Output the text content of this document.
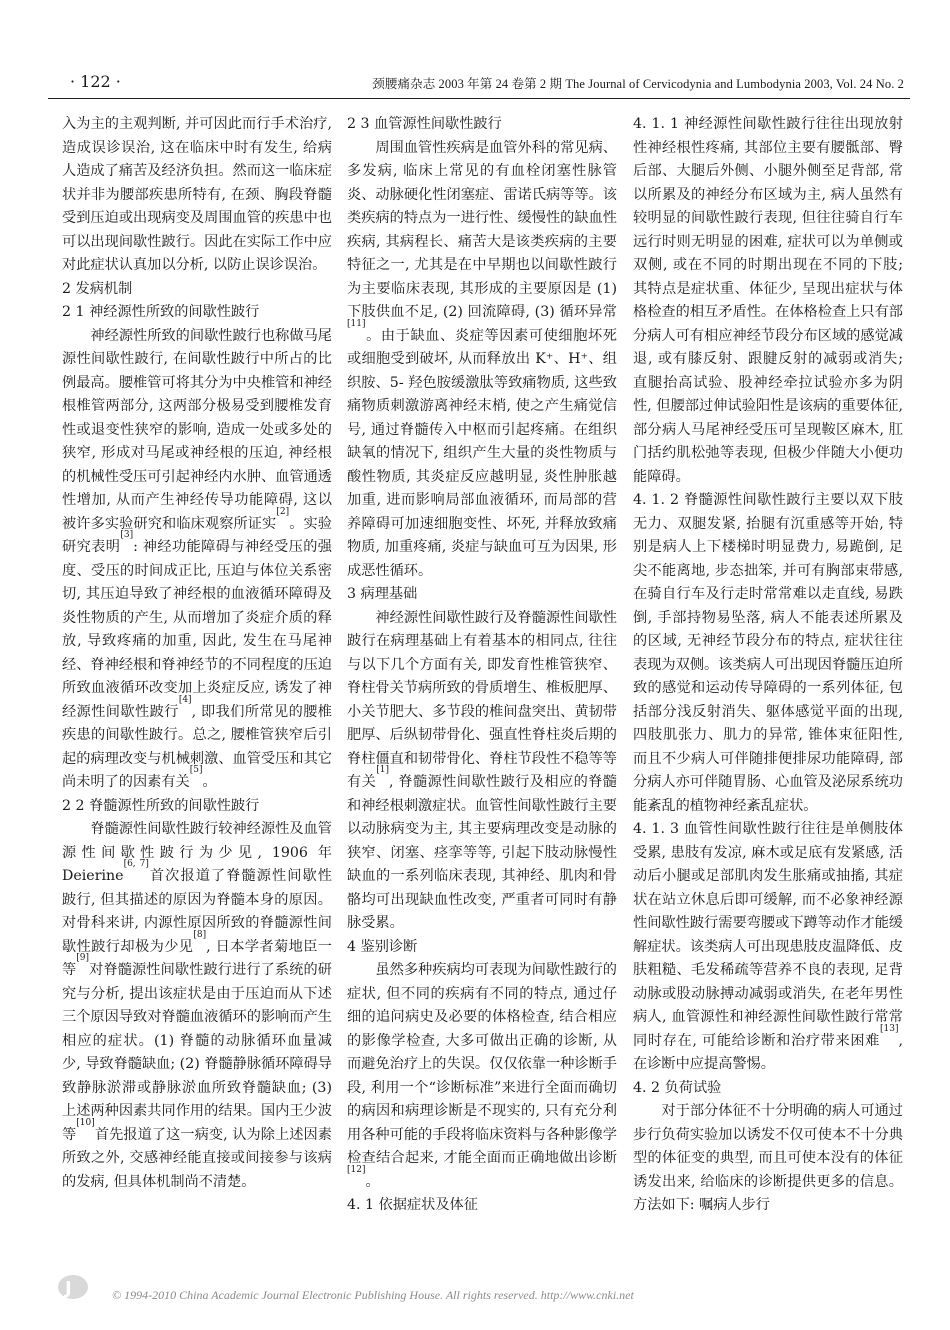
· 122 ·	颈腰痛杂志 2003 年第 24 卷第 2 期 The Journal of Cervicodynia and Lumbodynia 2003, Vol. 24 No. 2

入为主的主观判断, 并可因此而行手术治疗, 造成误诊误治, 这在临床中时有发生, 给病人造成了痛苦及经济负担。然而这一临床症状并非为腰部疾患所特有, 在颈、胸段脊髓受到压迫或出现病变及周围血管的疾患中也可以出现间歇性跛行。因此在实际工作中应对此症状认真加以分析, 以防止误诊误治。

2 发病机制

2 1 神经源性所致的间歇性跛行

神经源性所致的间歇性跛行也称做马尾源性间歇性跛行, 在间歇性跛行中所占的比例最高。腰椎管可将其分为中央椎管和神经根椎管两部分, 这两部分极易受到腰椎发育性或退变性狭窄的影响, 造成一处或多处的狭窄, 形成对马尾或神经根的压迫, 神经根的机械性受压可引起神经内水肿、血管通透性增加, 从而产生神经传导功能障碍, 这以被许多实验研究和临床观察所证实[2]。实验研究表明[3]: 神经功能障碍与神经受压的强度、受压的时间成正比, 压迫与体位关系密切, 其压迫导致了神经根的血液循环障碍及炎性物质的产生, 从而增加了炎症介质的释放, 导致疼痛的加重, 因此, 发生在马尾神经、脊神经根和脊神经节的不同程度的压迫所致血液循环改变加上炎症反应, 诱发了神经源性间歇性跛行[4], 即我们所常见的腰椎疾患的间歇性跛行。总之, 腰椎管狭窄后引起的病理改变与机械刺激、血管受压和其它尚未明了的因素有关[5]。

2 2 脊髓源性所致的间歇性跛行

脊髓源性间歇性跛行较神经源性及血管源性间歇性跛行为少见, 1906 年 Deierine[6, 7]首次报道了脊髓源性间歇性跛行, 但其描述的原因为脊髓本身的原因。对骨科来讲, 内源性原因所致的脊髓源性间歇性跛行却极为少见[8], 日本学者菊地臣一等[9]对脊髓源性间歇性跛行进行了系统的研究与分析, 提出该症状是由于压迫而从下述三个原因导致对脊髓血液循环的影响而产生相应的症状。(1) 脊髓的动脉循环血量减少, 导致脊髓缺血; (2) 脊髓静脉循环障碍导致静脉淤滞或静脉淤血所致脊髓缺血; (3) 上述两种因素共同作用的结果。国内王少波等[10]首先报道了这一病变, 认为除上述因素所致之外, 交感神经能直接或间接参与该病的发病, 但具体机制尚不清楚。

2 3 血管源性间歇性跛行

周围血管性疾病是血管外科的常见病、多发病, 临床上常见的有血栓闭塞性脉管炎、动脉硬化性闭塞症、雷诺氏病等等。该类疾病的特点为一进行性、缓慢性的缺血性疾病, 其病程长、痛苦大是该类疾病的主要特征之一, 尤其是在中早期也以间歇性跛行为主要临床表现, 其形成的主要原因是 (1) 下肢供血不足, (2) 回流障碍, (3) 循环异常[11]。由于缺血、炎症等因素可使细胞坏死或细胞受到破坏, 从而释放出 K⁺、H⁺、组织胺、5- 羟色胺缓激肽等致痛物质, 这些致痛物质刺激游离神经末梢, 使之产生痛觉信号, 通过脊髓传入中枢而引起疼痛。在组织缺氧的情况下, 组织产生大量的炎性物质与酸性物质, 其炎症反应越明显, 炎性肿胀越加重, 进而影响局部血液循环, 而局部的营养障碍可加速细胞变性、坏死, 并释放致痛物质, 加重疼痛, 炎症与缺血可互为因果, 形成恶性循环。

3 病理基础

神经源性间歇性跛行及脊髓源性间歇性跛行在病理基础上有着基本的相同点, 往往与以下几个方面有关, 即发育性椎管狭窄、脊柱骨关节病所致的骨质增生、椎板肥厚、小关节肥大、多节段的椎间盘突出、黄韧带肥厚、后纵韧带骨化、强直性脊柱炎后期的脊柱僵直和韧带骨化、脊柱节段性不稳等等有关[1], 脊髓源性间歇性跛行及相应的脊髓和神经根刺激症状。血管性间歇性跛行主要以动脉病变为主, 其主要病理改变是动脉的狭窄、闭塞、痉挛等等, 引起下肢动脉慢性缺血的一系列临床表现, 其神经、肌肉和骨骼均可出现缺血性改变, 严重者可同时有静脉受累。

4 鉴别诊断

虽然多种疾病均可表现为间歇性跛行的症状, 但不同的疾病有不同的特点, 通过仔细的追问病史及必要的体格检查, 结合相应的影像学检查, 大多可做出正确的诊断, 从而避免治疗上的失误。仅仅依靠一种诊断手段, 利用一个“诊断标准”来进行全面而确切的病因和病理诊断是不现实的, 只有充分利用各种可能的手段将临床资料与各种影像学检查结合起来, 才能全面而正确地做出诊断[12]。

4. 1 依据症状及体征

4. 1. 1 神经源性间歇性跛行往往出现放射性神经根性疼痛, 其部位主要有腰骶部、臀后部、大腿后外侧、小腿外侧至足背部, 常以所累及的神经分布区域为主, 病人虽然有较明显的间歇性跛行表现, 但往往骑自行车远行时则无明显的困难, 症状可以为单侧或双侧, 或在不同的时期出现在不同的下肢; 其特点是症状重、体征少, 呈现出症状与体格检查的相互矛盾性。在体格检查上只有部分病人可有相应神经节段分布区域的感觉减退, 或有膝反射、跟腱反射的减弱或消失; 直腿抬高试验、股神经牵拉试验亦多为阴性, 但腰部过伸试验阳性是该病的重要体征, 部分病人马尾神经受压可呈现鞍区麻木, 肛门括约肌松弛等表现, 但极少伴随大小便功能障碍。

4. 1. 2 脊髓源性间歇性跛行主要以双下肢无力、双腿发紧, 抬腿有沉重感等开始, 特别是病人上下楼梯时明显费力, 易跪倒, 足尖不能离地, 步态拙笨, 并可有胸部束带感, 在骑自行车及行走时常常难以走直线, 易跌倒, 手部持物易坠落, 病人不能表述所累及的区域, 无神经节段分布的特点, 症状往往表现为双侧。该类病人可出现因脊髓压迫所致的感觉和运动传导障碍的一系列体征, 包括部分浅反射消失、躯体感觉平面的出现, 四肢肌张力、肌力的异常, 锥体束征阳性, 而且不少病人可伴随排便排尿功能障碍, 部分病人亦可伴随胃肠、心血管及泌尿系统功能紊乱的植物神经紊乱症状。

4. 1. 3 血管性间歇性跛行往往是单侧肢体受累, 患肢有发凉, 麻木或足底有发紧感, 活动后小腿或足部肌肉发生胀痛或抽搐, 其症状在站立休息后即可缓解, 而不必象神经源性间歇性跛行需要弯腰或下蹲等动作才能缓解症状。该类病人可出现患肢皮温降低、皮肤粗糙、毛发稀疏等营养不良的表现, 足背动脉或股动脉搏动减弱或消失, 在老年男性病人, 血管源性和神经源性间歇性跛行常常同时存在, 可能给诊断和治疗带来困难[13], 在诊断中应提高警惕。

4. 2 负荷试验

对于部分体征不十分明确的病人可通过步行负荷实验加以诱发不仅可使本不十分典型的体征变的典型, 而且可使本没有的体征诱发出来, 给临床的诊断提供更多的信息。方法如下: 嘱病人步行

J	© 1994-2010 China Academic Journal Electronic Publishing House. All rights reserved. http://www.cnki.net
